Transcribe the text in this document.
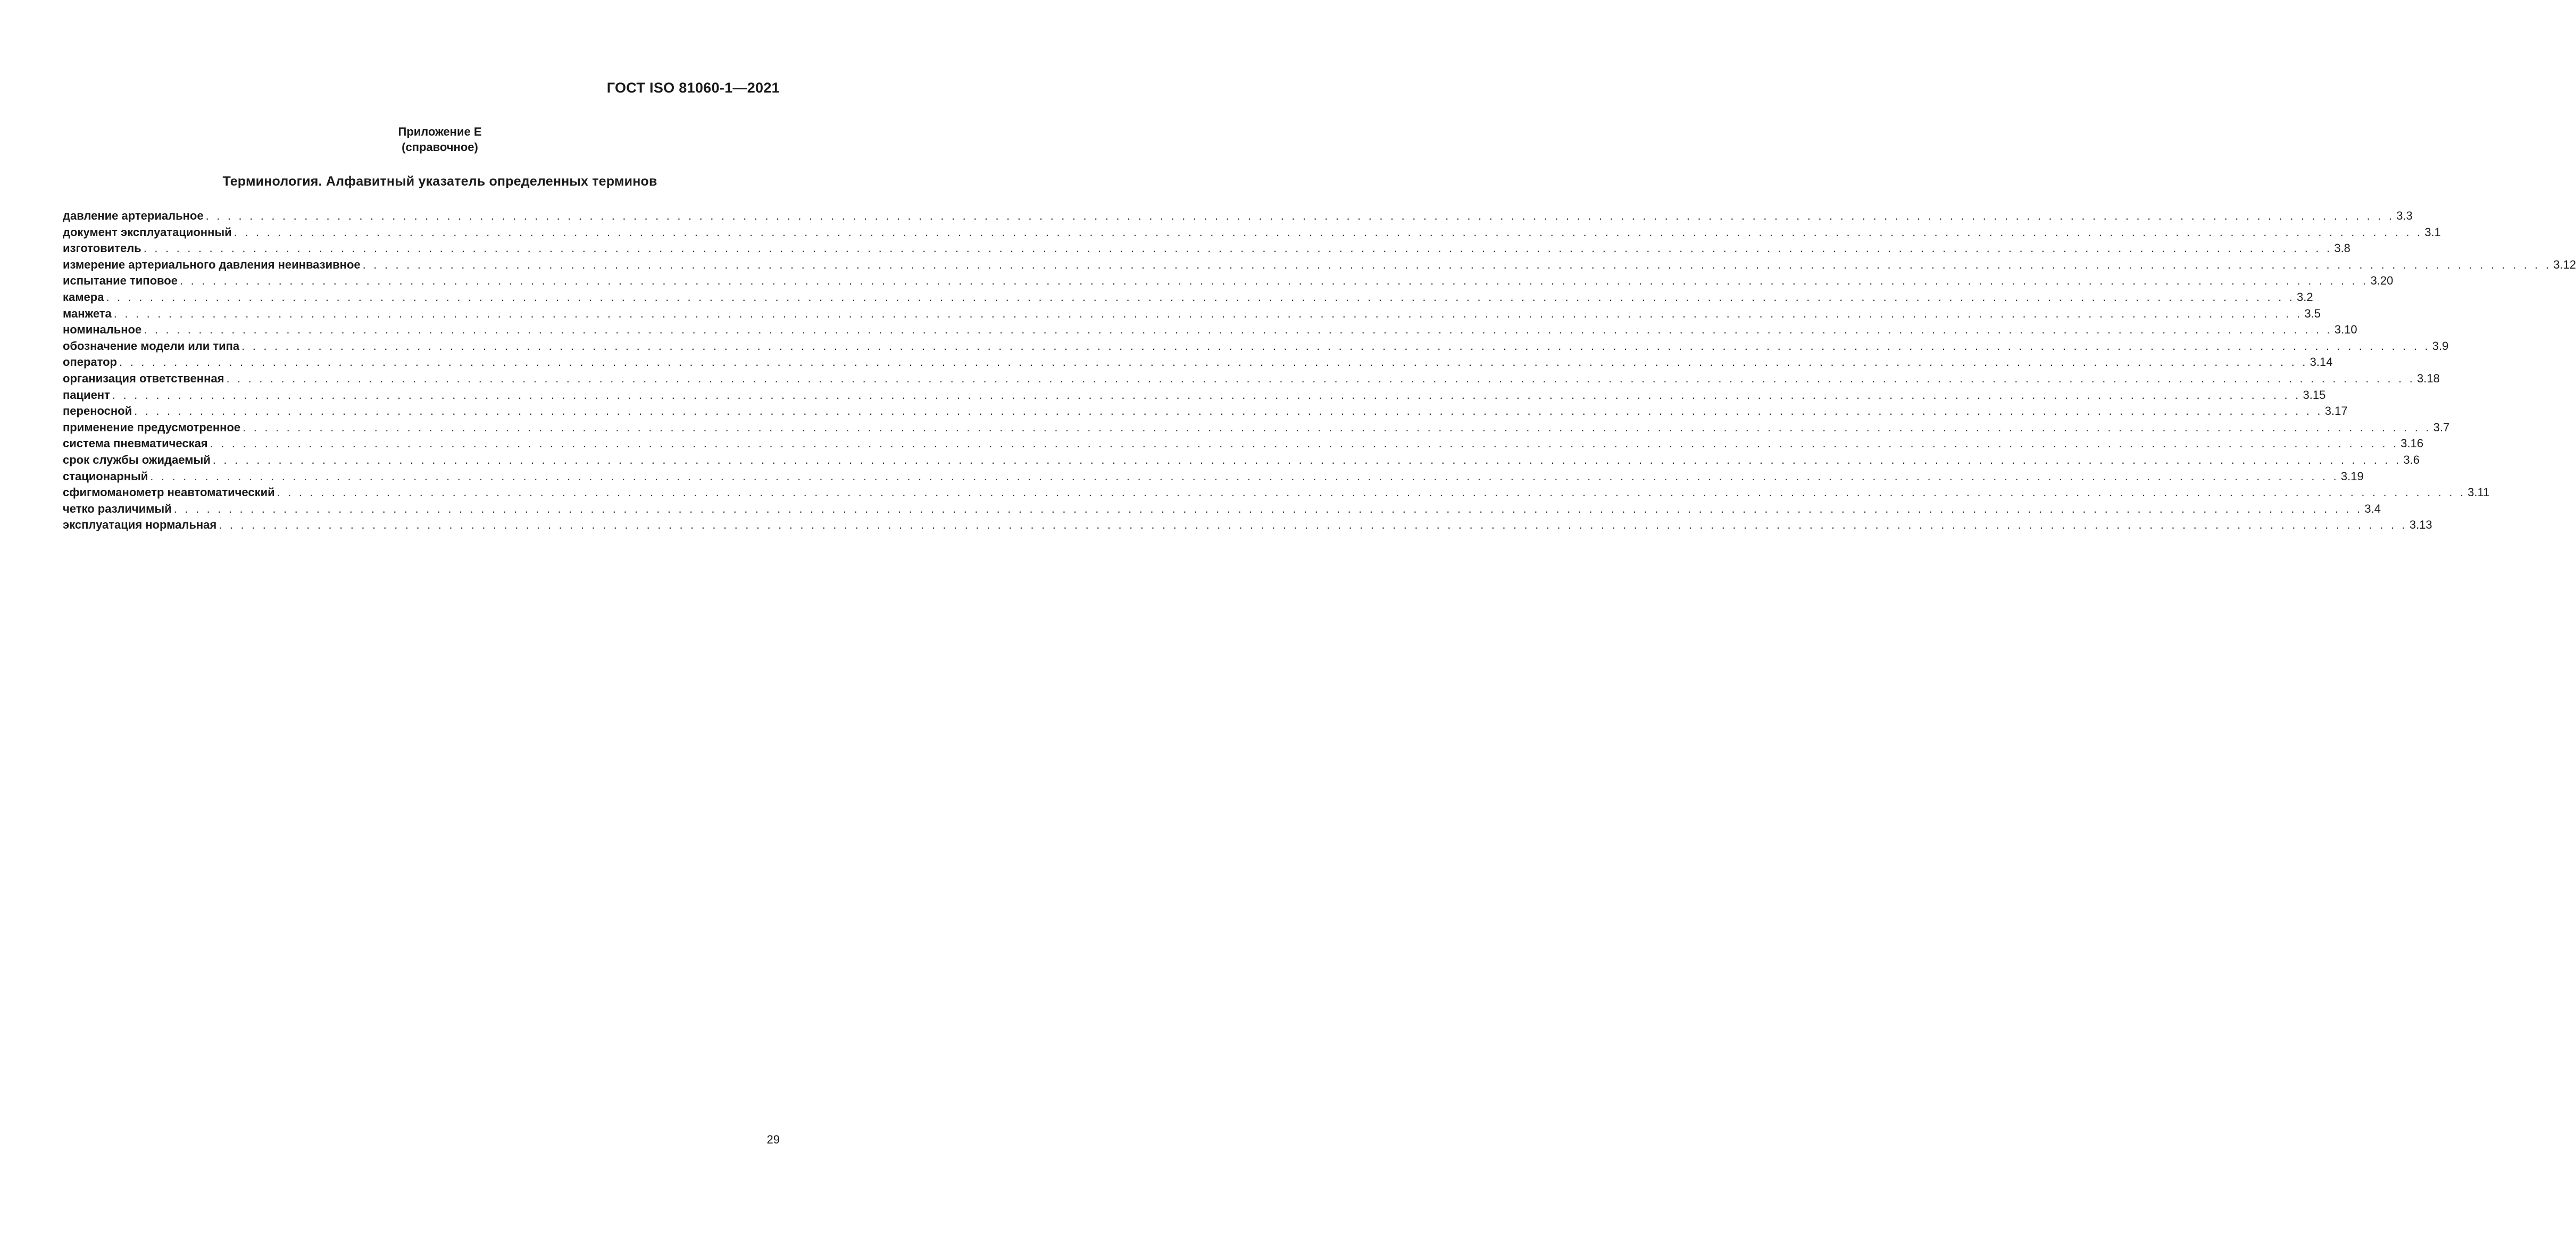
ГОСТ ISO 81060-1—2021
Приложение E
(справочное)
Терминология. Алфавитный указатель определенных терминов
давление артериальное . . . . . . . . . . . . . . . . . . . . . . . . . . . . . . . . . . . . . . . . . . . . . . . . . . . . . . . . . . . . . . . . . . . . . . . . . . . . . . . . . . . . . . . . . . . . . . . . . . . . . . . . . . . . . . . . . . . . . . . . . . . . . . . . . . . . . . . . . . . . . . . . . . . . . . . . . . . . . . . . . . . . . . . . . . . . . . . . . . . . . . . . . . . . . . . . . . . . . . . . 3.3
документ эксплуатационный . . . . . . . . . . . . . . . . . . . . . . . . . . . . . . . . . . . . . . . . . . . . . . . . . . . . . . . . . . . . . . . . . . . . . . . . . . . . . . . . . . . . . . . . . . . . . . . . . . . . . . . . . . . . . . . . . . . . . . . . . . . . . . . . . . . . . . . . . . . . . . . . . . . . . . . . . . . . . . . . . . . . . . . . . . . . . . . . . . . . . . . . . . . . . . . . . . . . . . . . 3.1
изготовитель . . . . . . . . . . . . . . . . . . . . . . . . . . . . . . . . . . . . . . . . . . . . . . . . . . . . . . . . . . . . . . . . . . . . . . . . . . . . . . . . . . . . . . . . . . . . . . . . . . . . . . . . . . . . . . . . . . . . . . . . . . . . . . . . . . . . . . . . . . . . . . . . . . . . . . . . . . . . . . . . . . . . . . . . . . . . . . . . . . . . . . . . . . . . . . . . . . . . . . . . 3.8
измерение артериального давления неинвазивное . . . . . . . . . . . . . . . . . . . . . . . . . . . . . . . . . . . . . . . . . . . . . . . . . . . . . . . . . . . . . . . . . . . . . . . . . . . . . . . . . . . . . . . . . . . . . . . . . . . . . . . . . . . . . . . . . . . . . . . . . . . . . . . . . . . . . . . . . . . . . . . . . . . . . . . . . . . . . . . . . . . . . . . . . . . . . . . . . . . . . . . . . . . . . . . . . . . . . . . . 3.12
испытание типовое . . . . . . . . . . . . . . . . . . . . . . . . . . . . . . . . . . . . . . . . . . . . . . . . . . . . . . . . . . . . . . . . . . . . . . . . . . . . . . . . . . . . . . . . . . . . . . . . . . . . . . . . . . . . . . . . . . . . . . . . . . . . . . . . . . . . . . . . . . . . . . . . . . . . . . . . . . . . . . . . . . . . . . . . . . . . . . . . . . . . . . . . . . . . . . . . . . . . . . . . 3.20
камера . . . . . . . . . . . . . . . . . . . . . . . . . . . . . . . . . . . . . . . . . . . . . . . . . . . . . . . . . . . . . . . . . . . . . . . . . . . . . . . . . . . . . . . . . . . . . . . . . . . . . . . . . . . . . . . . . . . . . . . . . . . . . . . . . . . . . . . . . . . . . . . . . . . . . . . . . . . . . . . . . . . . . . . . . . . . . . . . . . . . . . . . . . . . . . . . . . . . . . . . 3.2
манжета . . . . . . . . . . . . . . . . . . . . . . . . . . . . . . . . . . . . . . . . . . . . . . . . . . . . . . . . . . . . . . . . . . . . . . . . . . . . . . . . . . . . . . . . . . . . . . . . . . . . . . . . . . . . . . . . . . . . . . . . . . . . . . . . . . . . . . . . . . . . . . . . . . . . . . . . . . . . . . . . . . . . . . . . . . . . . . . . . . . . . . . . . . . . . . . . . . . . . . . . 3.5
номинальное . . . . . . . . . . . . . . . . . . . . . . . . . . . . . . . . . . . . . . . . . . . . . . . . . . . . . . . . . . . . . . . . . . . . . . . . . . . . . . . . . . . . . . . . . . . . . . . . . . . . . . . . . . . . . . . . . . . . . . . . . . . . . . . . . . . . . . . . . . . . . . . . . . . . . . . . . . . . . . . . . . . . . . . . . . . . . . . . . . . . . . . . . . . . . . . . . . . . . . . . 3.10
обозначение модели или типа . . . . . . . . . . . . . . . . . . . . . . . . . . . . . . . . . . . . . . . . . . . . . . . . . . . . . . . . . . . . . . . . . . . . . . . . . . . . . . . . . . . . . . . . . . . . . . . . . . . . . . . . . . . . . . . . . . . . . . . . . . . . . . . . . . . . . . . . . . . . . . . . . . . . . . . . . . . . . . . . . . . . . . . . . . . . . . . . . . . . . . . . . . . . . . . . . . . . . . . . 3.9
оператор . . . . . . . . . . . . . . . . . . . . . . . . . . . . . . . . . . . . . . . . . . . . . . . . . . . . . . . . . . . . . . . . . . . . . . . . . . . . . . . . . . . . . . . . . . . . . . . . . . . . . . . . . . . . . . . . . . . . . . . . . . . . . . . . . . . . . . . . . . . . . . . . . . . . . . . . . . . . . . . . . . . . . . . . . . . . . . . . . . . . . . . . . . . . . . . . . . . . . . . . 3.14
организация ответственная . . . . . . . . . . . . . . . . . . . . . . . . . . . . . . . . . . . . . . . . . . . . . . . . . . . . . . . . . . . . . . . . . . . . . . . . . . . . . . . . . . . . . . . . . . . . . . . . . . . . . . . . . . . . . . . . . . . . . . . . . . . . . . . . . . . . . . . . . . . . . . . . . . . . . . . . . . . . . . . . . . . . . . . . . . . . . . . . . . . . . . . . . . . . . . . . . . . . . . . . 3.18
пациент . . . . . . . . . . . . . . . . . . . . . . . . . . . . . . . . . . . . . . . . . . . . . . . . . . . . . . . . . . . . . . . . . . . . . . . . . . . . . . . . . . . . . . . . . . . . . . . . . . . . . . . . . . . . . . . . . . . . . . . . . . . . . . . . . . . . . . . . . . . . . . . . . . . . . . . . . . . . . . . . . . . . . . . . . . . . . . . . . . . . . . . . . . . . . . . . . . . . . . . . 3.15
переносной . . . . . . . . . . . . . . . . . . . . . . . . . . . . . . . . . . . . . . . . . . . . . . . . . . . . . . . . . . . . . . . . . . . . . . . . . . . . . . . . . . . . . . . . . . . . . . . . . . . . . . . . . . . . . . . . . . . . . . . . . . . . . . . . . . . . . . . . . . . . . . . . . . . . . . . . . . . . . . . . . . . . . . . . . . . . . . . . . . . . . . . . . . . . . . . . . . . . . . . . 3.17
применение предусмотренное . . . . . . . . . . . . . . . . . . . . . . . . . . . . . . . . . . . . . . . . . . . . . . . . . . . . . . . . . . . . . . . . . . . . . . . . . . . . . . . . . . . . . . . . . . . . . . . . . . . . . . . . . . . . . . . . . . . . . . . . . . . . . . . . . . . . . . . . . . . . . . . . . . . . . . . . . . . . . . . . . . . . . . . . . . . . . . . . . . . . . . . . . . . . . . . . . . . . . . . . 3.7
система пневматическая . . . . . . . . . . . . . . . . . . . . . . . . . . . . . . . . . . . . . . . . . . . . . . . . . . . . . . . . . . . . . . . . . . . . . . . . . . . . . . . . . . . . . . . . . . . . . . . . . . . . . . . . . . . . . . . . . . . . . . . . . . . . . . . . . . . . . . . . . . . . . . . . . . . . . . . . . . . . . . . . . . . . . . . . . . . . . . . . . . . . . . . . . . . . . . . . . . . . . . . . 3.16
срок службы ожидаемый . . . . . . . . . . . . . . . . . . . . . . . . . . . . . . . . . . . . . . . . . . . . . . . . . . . . . . . . . . . . . . . . . . . . . . . . . . . . . . . . . . . . . . . . . . . . . . . . . . . . . . . . . . . . . . . . . . . . . . . . . . . . . . . . . . . . . . . . . . . . . . . . . . . . . . . . . . . . . . . . . . . . . . . . . . . . . . . . . . . . . . . . . . . . . . . . . . . . . . . . 3.6
стационарный . . . . . . . . . . . . . . . . . . . . . . . . . . . . . . . . . . . . . . . . . . . . . . . . . . . . . . . . . . . . . . . . . . . . . . . . . . . . . . . . . . . . . . . . . . . . . . . . . . . . . . . . . . . . . . . . . . . . . . . . . . . . . . . . . . . . . . . . . . . . . . . . . . . . . . . . . . . . . . . . . . . . . . . . . . . . . . . . . . . . . . . . . . . . . . . . . . . . . . . . 3.19
сфигмоманометр неавтоматический . . . . . . . . . . . . . . . . . . . . . . . . . . . . . . . . . . . . . . . . . . . . . . . . . . . . . . . . . . . . . . . . . . . . . . . . . . . . . . . . . . . . . . . . . . . . . . . . . . . . . . . . . . . . . . . . . . . . . . . . . . . . . . . . . . . . . . . . . . . . . . . . . . . . . . . . . . . . . . . . . . . . . . . . . . . . . . . . . . . . . . . . . . . . . . . . . . . . . . . . 3.11
четко различимый . . . . . . . . . . . . . . . . . . . . . . . . . . . . . . . . . . . . . . . . . . . . . . . . . . . . . . . . . . . . . . . . . . . . . . . . . . . . . . . . . . . . . . . . . . . . . . . . . . . . . . . . . . . . . . . . . . . . . . . . . . . . . . . . . . . . . . . . . . . . . . . . . . . . . . . . . . . . . . . . . . . . . . . . . . . . . . . . . . . . . . . . . . . . . . . . . . . . . . . . 3.4
эксплуатация нормальная . . . . . . . . . . . . . . . . . . . . . . . . . . . . . . . . . . . . . . . . . . . . . . . . . . . . . . . . . . . . . . . . . . . . . . . . . . . . . . . . . . . . . . . . . . . . . . . . . . . . . . . . . . . . . . . . . . . . . . . . . . . . . . . . . . . . . . . . . . . . . . . . . . . . . . . . . . . . . . . . . . . . . . . . . . . . . . . . . . . . . . . . . . . . . . . . . . . . . . . . 3.13
29
